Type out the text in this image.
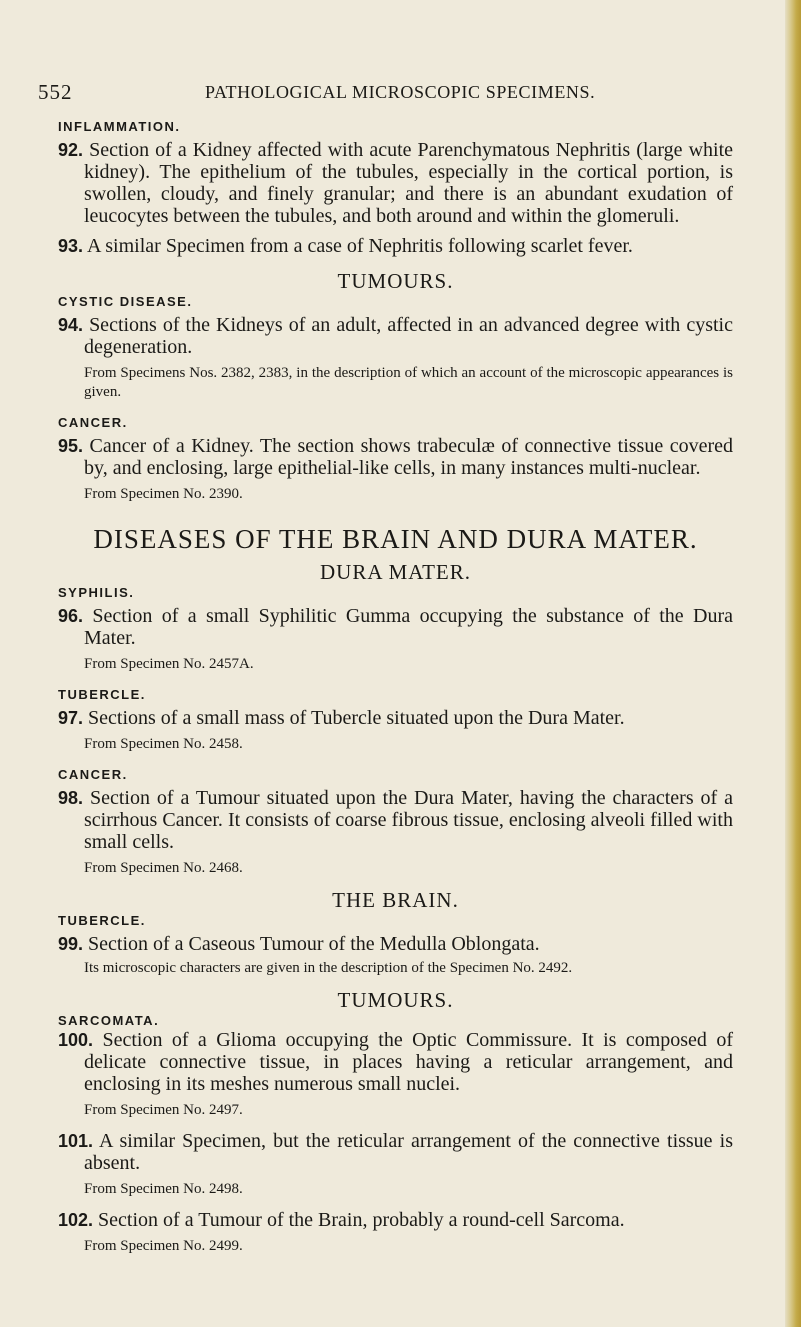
552	PATHOLOGICAL MICROSCOPIC SPECIMENS.
INFLAMMATION.
92. Section of a Kidney affected with acute Parenchymatous Nephritis (large white kidney). The epithelium of the tubules, especially in the cortical portion, is swollen, cloudy, and finely granular; and there is an abundant exudation of leucocytes between the tubules, and both around and within the glomeruli.
93. A similar Specimen from a case of Nephritis following scarlet fever.
TUMOURS.
CYSTIC DISEASE.
94. Sections of the Kidneys of an adult, affected in an advanced degree with cystic degeneration.
From Specimens Nos. 2382, 2383, in the description of which an account of the microscopic appearances is given.
CANCER.
95. Cancer of a Kidney. The section shows trabeculæ of connective tissue covered by, and enclosing, large epithelial-like cells, in many instances multi-nuclear.
From Specimen No. 2390.
DISEASES OF THE BRAIN AND DURA MATER.
DURA MATER.
SYPHILIS.
96. Section of a small Syphilitic Gumma occupying the substance of the Dura Mater.
From Specimen No. 2457A.
TUBERCLE.
97. Sections of a small mass of Tubercle situated upon the Dura Mater.
From Specimen No. 2458.
CANCER.
98. Section of a Tumour situated upon the Dura Mater, having the characters of a scirrhous Cancer. It consists of coarse fibrous tissue, enclosing alveoli filled with small cells.
From Specimen No. 2468.
THE BRAIN.
TUBERCLE.
99. Section of a Caseous Tumour of the Medulla Oblongata.
Its microscopic characters are given in the description of the Specimen No. 2492.
TUMOURS.
SARCOMATA.
100. Section of a Glioma occupying the Optic Commissure. It is composed of delicate connective tissue, in places having a reticular arrangement, and enclosing in its meshes numerous small nuclei.
From Specimen No. 2497.
101. A similar Specimen, but the reticular arrangement of the connective tissue is absent.
From Specimen No. 2498.
102. Section of a Tumour of the Brain, probably a round-cell Sarcoma.
From Specimen No. 2499.
